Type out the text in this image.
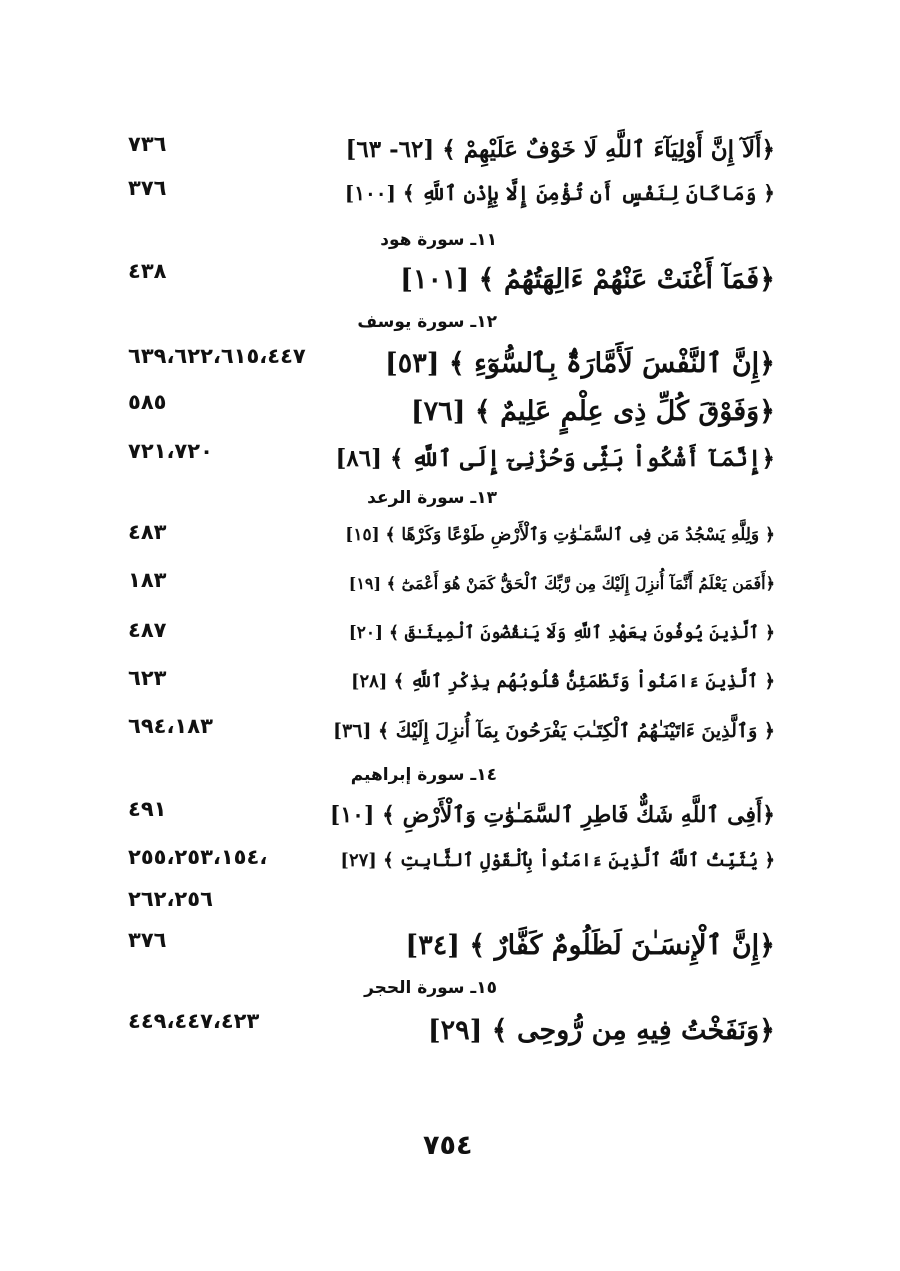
﴿أَلَآ إِنَّ أَوْلِيَآءَ ٱللَّهِ لَا خَوْفٌ عَلَيْهِمْ ﴾ [٦٢- ٦٣]
٧٣٦
﴿ وَمَاكَانَ لِنَفْسٍ أَن تُؤْمِنَ إِلَّا بِإِذْنِ ٱللَّهِ ﴾ [١٠٠]
٣٧٦
١١ـ سورة هود
﴿فَمَآ أَغْنَتْ عَنْهُمْ ءَالِهَتُهُمُ ﴾ [١٠١]
٤٣٨
١٢ـ سورة يوسف
﴿إِنَّ ٱلنَّفْسَ لَأَمَّارَةٌۢ بِٱلسُّوٓءِ ﴾ [٥٣]
٦٣٩،٦٢٢،٦١٥،٤٤٧
﴿وَفَوْقَ كُلِّ ذِى عِلْمٍ عَلِيمٌ ﴾ [٧٦]
٥٨٥
﴿إِنَّمَآ أَشْكُواْ بَثِّى وَحُزْنِىٓ إِلَى ٱللَّهِ ﴾ [٨٦]
٧٢١،٧٢٠
١٣ـ سورة الرعد
﴿ وَلِلَّهِ يَسْجُدُ مَن فِى ٱلسَّمَـٰوَٰتِ وَٱلْأَرْضِ طَوْعًا وَكَرْهًا ﴾ [١٥]
٤٨٣
﴿أَفَمَن يَعْلَمُ أَنَّمَآ أُنزِلَ إِلَيْكَ مِن رَّبِّكَ ٱلْحَقُّ كَمَنْ هُوَ أَعْمَىٰٓ ﴾ [١٩]
١٨٣
﴿ ٱلَّذِينَ يُوفُونَ بِعَهْدِ ٱللَّهِ وَلَا يَنقُضُونَ ٱلْمِيثَـٰقَ ﴾ [٢٠]
٤٨٧
﴿ ٱلَّذِينَ ءَامَنُواْ وَتَطْمَئِنُّ قُلُوبُهُم بِذِكْرِ ٱللَّهِ ﴾ [٢٨]
٦٢٣
﴿ وَٱلَّذِينَ ءَاتَيْنَـٰهُمُ ٱلْكِتَـٰبَ يَفْرَحُونَ بِمَآ أُنزِلَ إِلَيْكَ ﴾ [٣٦]
٦٩٤،١٨٣
١٤ـ سورة إبراهيم
﴿أَفِى ٱللَّهِ شَكٌّ فَاطِرِ ٱلسَّمَـٰوَٰتِ وَٱلْأَرْضِ ﴾ [١٠]
٤٩١
﴿ يُثَبِّتُ ٱللَّهُ ٱلَّذِينَ ءَامَنُواْ بِٱلْقَوْلِ ٱلثَّابِتِ ﴾ [٢٧]
،٢٥٥،٢٥٣،١٥٤
٢٦٢،٢٥٦
﴿إِنَّ ٱلْإِنسَـٰنَ لَظَلُومٌ كَفَّارٌ ﴾ [٣٤]
٣٧٦
١٥ـ سورة الحجر
﴿وَنَفَخْتُ فِيهِ مِن رُّوحِى ﴾ [٢٩]
٤٤٩،٤٤٧،٤٢٣
٧٥٤
